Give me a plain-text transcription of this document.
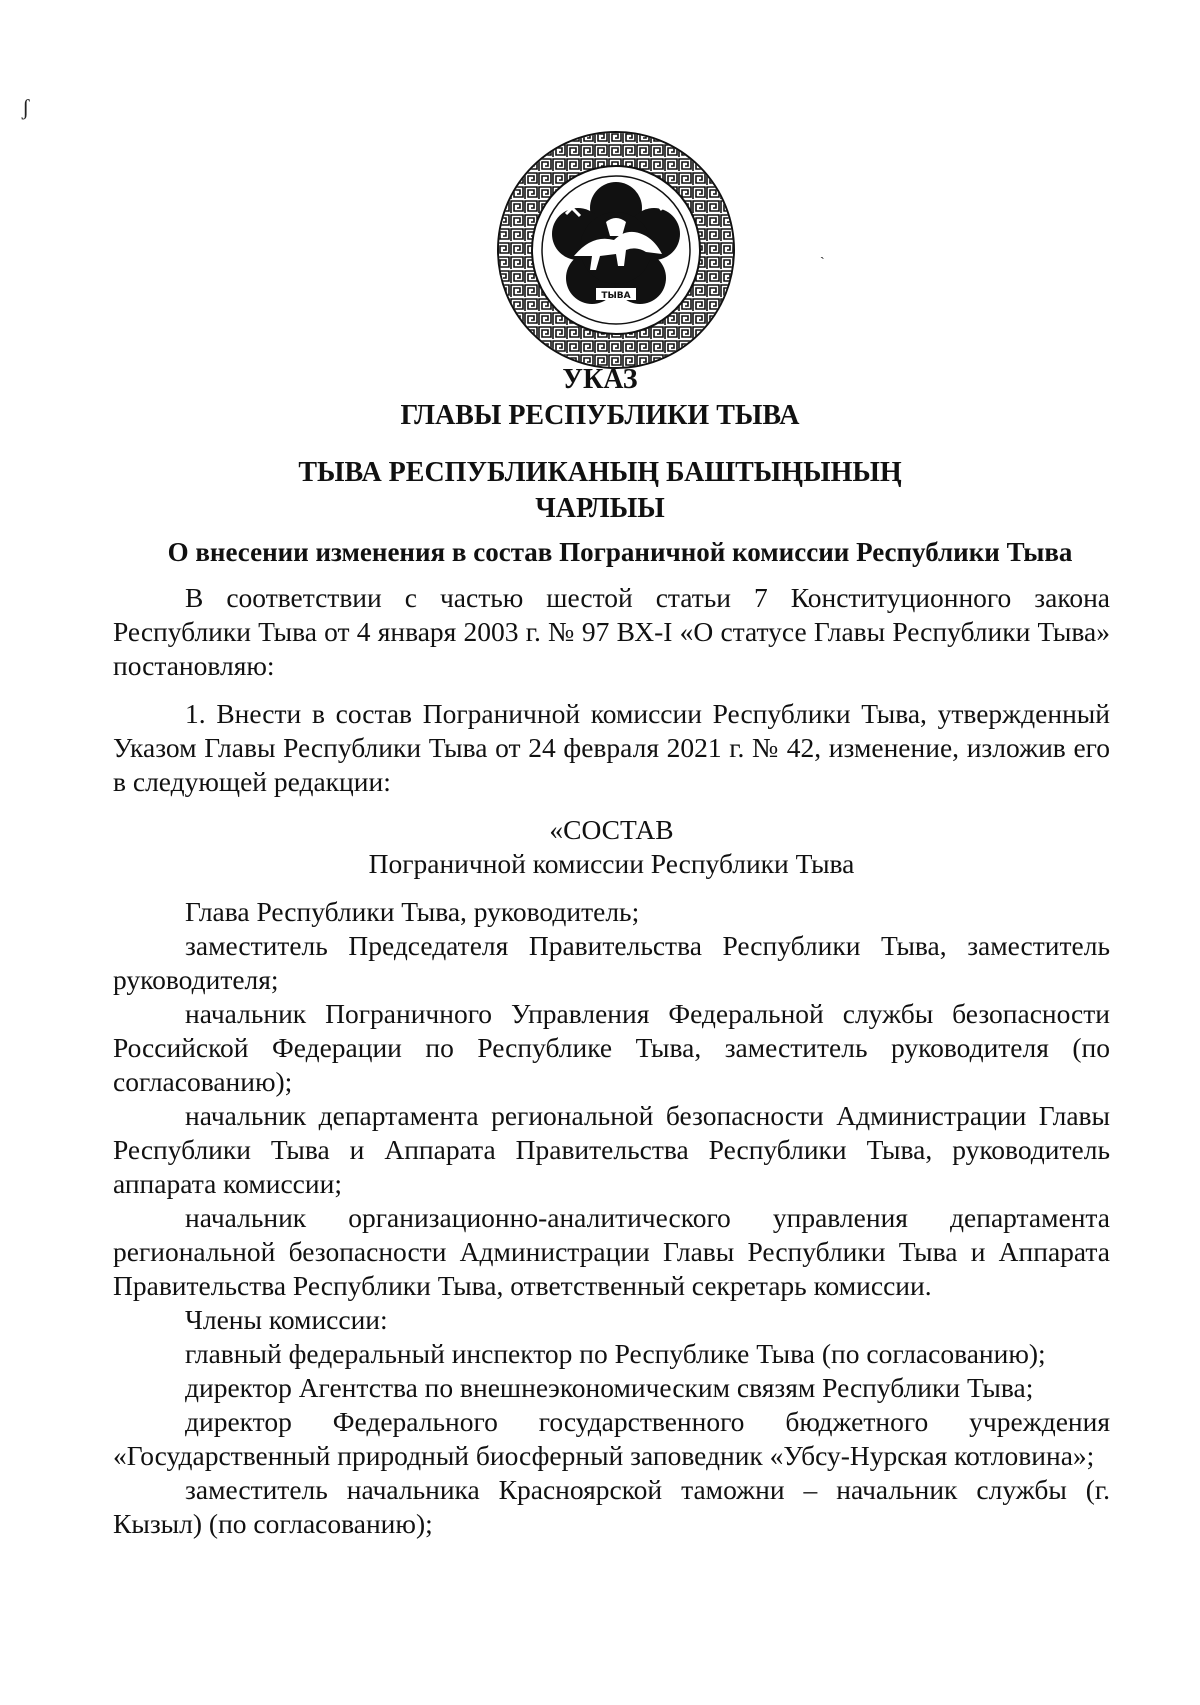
ʃ
ТЫВА
ˏ
·
УКАЗ
ГЛАВЫ РЕСПУБЛИКИ ТЫВА
ТЫВА РЕСПУБЛИКАНЫҢ БАШТЫҢЫНЫҢ
ЧАРЛЫЫ
О внесении изменения в состав Пограничной комиссии Республики Тыва

В соответствии с частью шестой статьи 7 Конституционного закона Республики Тыва от 4 января 2003 г. № 97 ВХ-I «О статусе Главы Республики Тыва» постановляю:

1. Внести в состав Пограничной комиссии Республики Тыва, утвержденный Указом Главы Республики Тыва от 24 февраля 2021 г. № 42, изменение, изложив его в следующей редакции:

«СОСТАВ

Пограничной комиссии Республики Тыва

Глава Республики Тыва, руководитель;

заместитель Председателя Правительства Республики Тыва, заместитель руководителя;

начальник Пограничного Управления Федеральной службы безопасности Российской Федерации по Республике Тыва, заместитель руководителя (по согласованию);

начальник департамента региональной безопасности Администрации Главы Республики Тыва и Аппарата Правительства Республики Тыва, руководитель аппарата комиссии;

начальник организационно-аналитического управления департамента региональной безопасности Администрации Главы Республики Тыва и Аппарата Правительства Республики Тыва, ответственный секретарь комиссии.

Члены комиссии:

главный федеральный инспектор по Республике Тыва (по согласованию);

директор Агентства по внешнеэкономическим связям Республики Тыва;

директор Федерального государственного бюджетного учреждения «Государственный природный биосферный заповедник «Убсу-Нурская котловина»;

заместитель начальника Красноярской таможни – начальник службы (г. Кызыл) (по согласованию);
